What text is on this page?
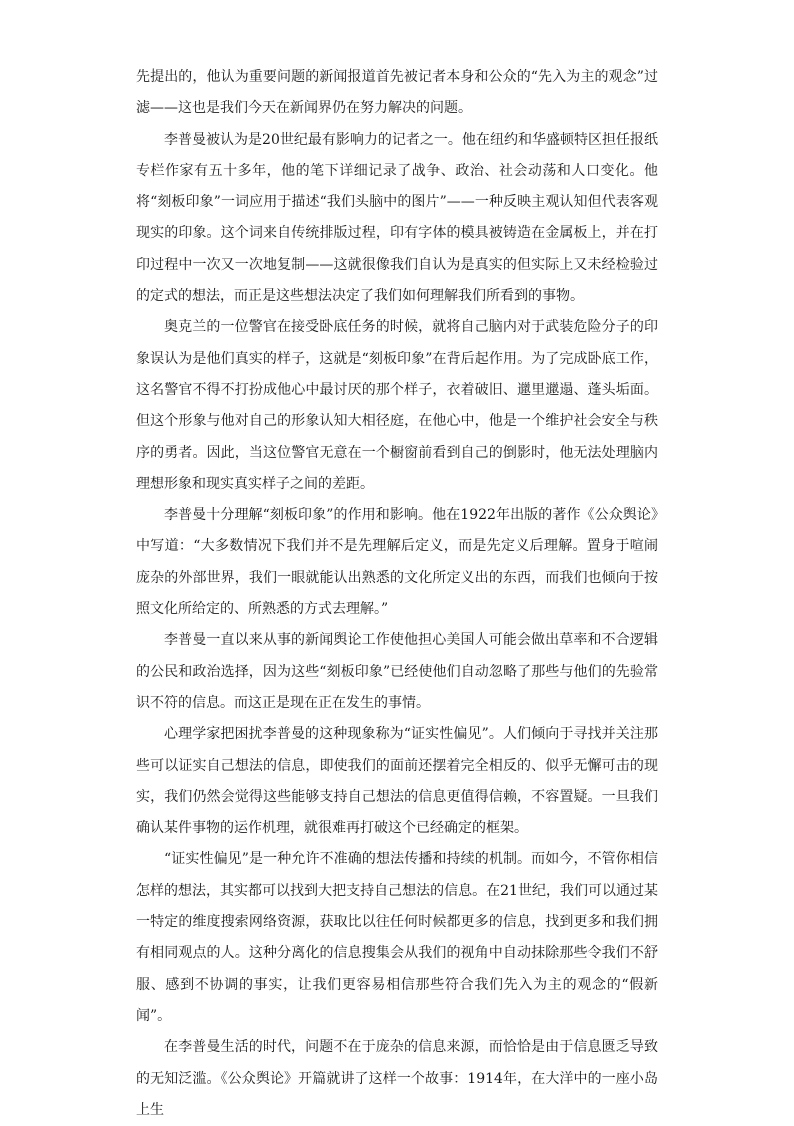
先提出的，他认为重要问题的新闻报道首先被记者本身和公众的“先入为主的观念”过滤——这也是我们今天在新闻界仍在努力解决的问题。

李普曼被认为是20世纪最有影响力的记者之一。他在纽约和华盛顿特区担任报纸专栏作家有五十多年，他的笔下详细记录了战争、政治、社会动荡和人口变化。他将“刻板印象”一词应用于描述“我们头脑中的图片”——一种反映主观认知但代表客观现实的印象。这个词来自传统排版过程，印有字体的模具被铸造在金属板上，并在打印过程中一次又一次地复制——这就很像我们自认为是真实的但实际上又未经检验过的定式的想法，而正是这些想法决定了我们如何理解我们所看到的事物。

奥克兰的一位警官在接受卧底任务的时候，就将自己脑内对于武装危险分子的印象误认为是他们真实的样子，这就是“刻板印象”在背后起作用。为了完成卧底工作，这名警官不得不打扮成他心中最讨厌的那个样子，衣着破旧、邋里邋遢、蓬头垢面。但这个形象与他对自己的形象认知大相径庭，在他心中，他是一个维护社会安全与秩序的勇者。因此，当这位警官无意在一个橱窗前看到自己的倒影时，他无法处理脑内理想形象和现实真实样子之间的差距。

李普曼十分理解“刻板印象”的作用和影响。他在1922年出版的著作《公众舆论》中写道：“大多数情况下我们并不是先理解后定义，而是先定义后理解。置身于喧闹庞杂的外部世界，我们一眼就能认出熟悉的文化所定义出的东西，而我们也倾向于按照文化所给定的、所熟悉的方式去理解。”

李普曼一直以来从事的新闻舆论工作使他担心美国人可能会做出草率和不合逻辑的公民和政治选择，因为这些“刻板印象”已经使他们自动忽略了那些与他们的先验常识不符的信息。而这正是现在正在发生的事情。

心理学家把困扰李普曼的这种现象称为“证实性偏见”。人们倾向于寻找并关注那些可以证实自己想法的信息，即使我们的面前还摆着完全相反的、似乎无懈可击的现实，我们仍然会觉得这些能够支持自己想法的信息更值得信赖，不容置疑。一旦我们确认某件事物的运作机理，就很难再打破这个已经确定的框架。

“证实性偏见”是一种允许不准确的想法传播和持续的机制。而如今，不管你相信怎样的想法，其实都可以找到大把支持自己想法的信息。在21世纪，我们可以通过某一特定的维度搜索网络资源，获取比以往任何时候都更多的信息，找到更多和我们拥有相同观点的人。这种分离化的信息搜集会从我们的视角中自动抹除那些令我们不舒服、感到不协调的事实，让我们更容易相信那些符合我们先入为主的观念的“假新闻”。

在李普曼生活的时代，问题不在于庞杂的信息来源，而恰恰是由于信息匮乏导致的无知泛滥。《公众舆论》开篇就讲了这样一个故事：1914年，在大洋中的一座小岛上生
